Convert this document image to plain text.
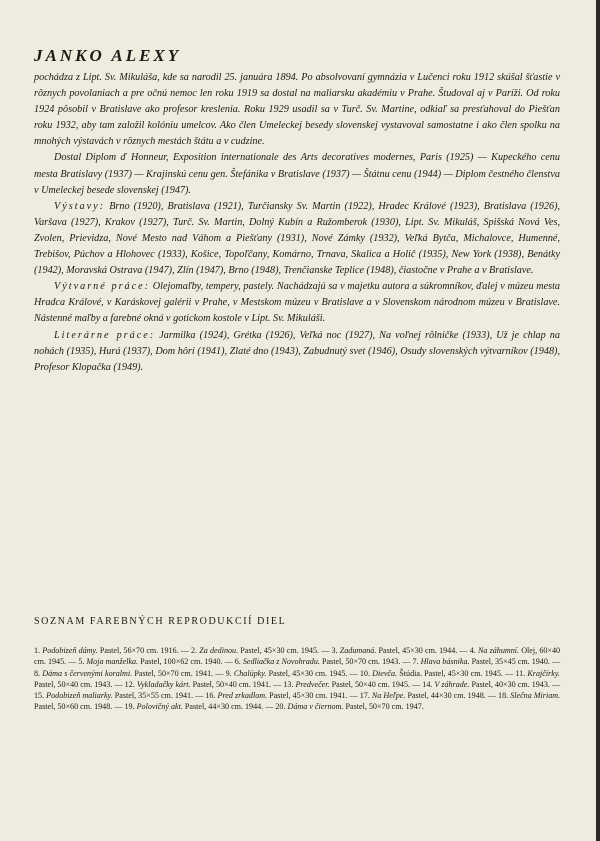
JANKO ALEXY

pochádza z Lipt. Sv. Mikuláša, kde sa narodil 25. januára 1894. Po absolvovaní gymnázia v Lučenci roku 1912 skúšal šťastie v rôznych povolaniach a pre očnú nemoc len roku 1919 sa dostal na maliarsku akadémiu v Prahe. Študoval aj v Paríži. Od roku 1924 pôsobil v Bratislave ako profesor kreslenia. Roku 1929 usadil sa v Turč. Sv. Martine, odkiaľ sa presťahoval do Piešťan roku 1932, aby tam založil kolóniu umelcov. Ako člen Umeleckej besedy slovenskej vystavoval samostatne i ako člen spolku na mnohých výstavách v rôznych mestách štátu a v cudzine.

Dostal Diplom ď Honneur, Exposition internationale des Arts decoratives modernes, Paris (1925) — Kupeckého cenu mesta Bratislavy (1937) — Krajinskú cenu gen. Štefánika v Bratislave (1937) — Štátnu cenu (1944) — Diplom čestného členstva v Umeleckej besede slovenskej (1947).

Výstavy: Brno (1920), Bratislava (1921), Turčiansky Sv. Martin (1922), Hradec Králové (1923), Bratislava (1926), Varšava (1927), Krakov (1927), Turč. Sv. Martin, Dolný Kubín a Ružomberok (1930), Lipt. Sv. Mikuláš, Spišská Nová Ves, Zvolen, Prievidza, Nové Mesto nad Váhom a Piešťany (1931), Nové Zámky (1932), Veľká Bytča, Michalovce, Humenné, Trebišov, Púchov a Hlohovec (1933), Košice, Topoľčany, Komárno, Trnava, Skalica a Holič (1935), New York (1938), Benátky (1942), Moravská Ostrava (1947), Zlín (1947), Brno (1948), Trenčianske Teplice (1948), čiastočne v Prahe a v Bratislave.

Výtvarné práce: Olejomaľby, tempery, pastely. Nachádzajú sa v majetku autora a súkromníkov, ďalej v múzeu mesta Hradca Králové, v Karáskovej galérii v Prahe, v Mestskom múzeu v Bratislave a v Slovenskom národnom múzeu v Bratislave. Nástenné maľby a farebné okná v gotickom kostole v Lipt. Sv. Mikuláši.

Literárne práce: Jarmilka (1924), Grétka (1926), Veľká noc (1927), Na voľnej rôlničke (1933), Už je chlap na nohách (1935), Hurá (1937), Dom hôrí (1941), Zlaté dno (1943), Zabudnutý svet (1946), Osudy slovenských výtvarníkov (1948), Profesor Klopačka (1949).

SOZNAM FAREBNÝCH REPRODUKCIÍ DIEL

1. Podobizeň dámy. Pastel, 56×70 cm. 1916. — 2. Za dedinou. Pastel, 45×30 cm. 1945. — 3. Zadumaná. Pastel, 45×30 cm. 1944. — 4. Na záhumní. Olej, 60×40 cm. 1945. — 5. Moja manželka. Pastel, 100×62 cm. 1940. — 6. Sedliačka z Novohradu. Pastel, 50×70 cm. 1943. — 7. Hlava básnika. Pastel, 35×45 cm. 1940. — 8. Dáma s červenými koralmi. Pastel, 50×70 cm. 1941. — 9. Chalúpky. Pastel, 45×30 cm. 1945. — 10. Dievča. Štúdia. Pastel, 45×30 cm. 1945. — 11. Krajčírky. Pastel, 50×40 cm. 1943. — 12. Vykladačky kárt. Pastel, 50×40 cm. 1941. — 13. Predvečer. Pastel, 50×40 cm. 1945. — 14. V záhrade. Pastel, 40×30 cm. 1943. — 15. Podobizeň maliarky. Pastel, 35×55 cm. 1941. — 16. Pred zrkadlom. Pastel, 45×30 cm. 1941. — 17. Na Heľpe. Pastel, 44×30 cm. 1948. — 18. Slečna Miriam. Pastel, 50×60 cm. 1948. — 19. Polovičný akt. Pastel, 44×30 cm. 1944. — 20. Dáma v čiernom. Pastel, 50×70 cm. 1947.
